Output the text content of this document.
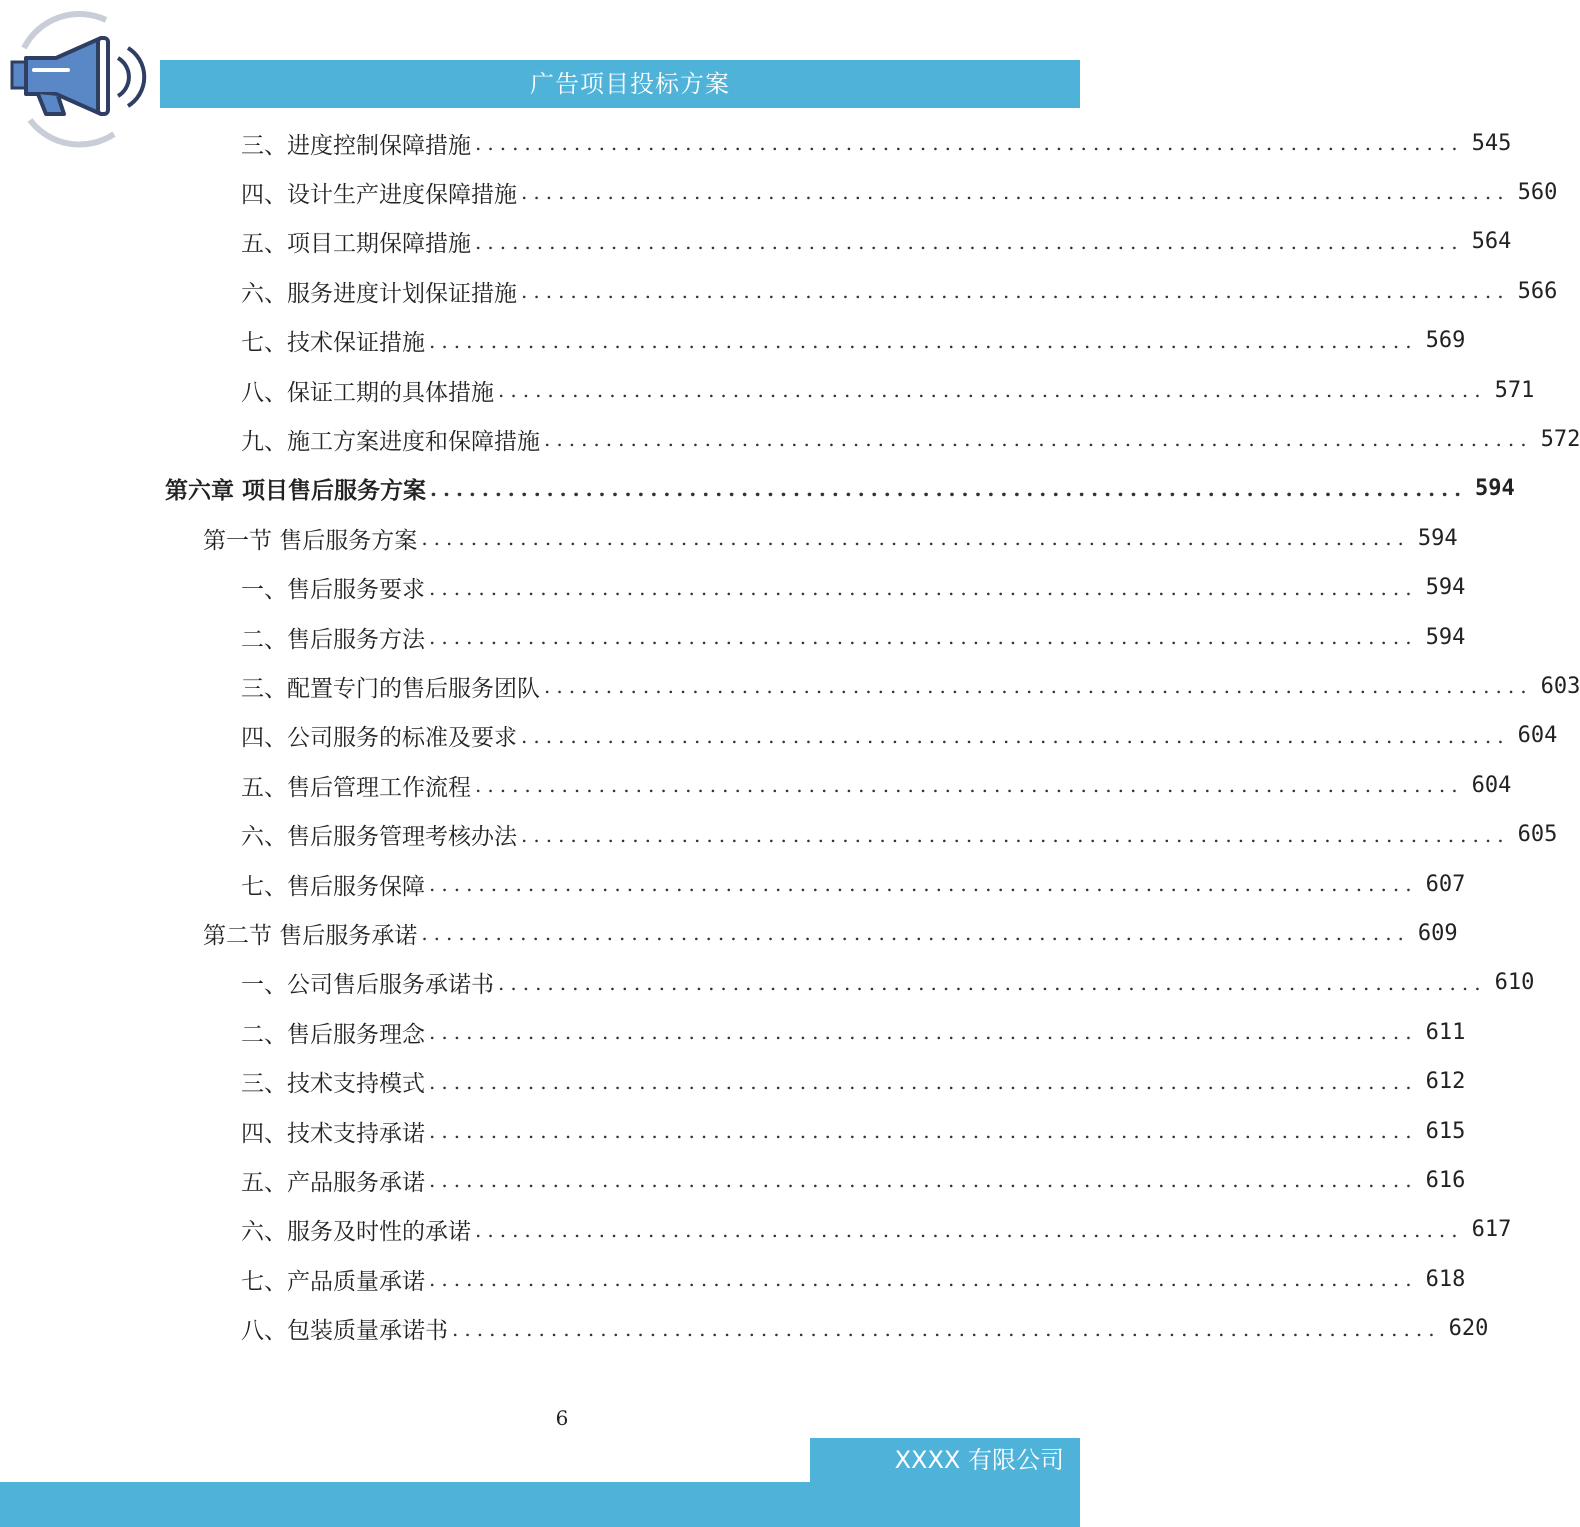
广告项目投标方案
三、进度控制保障措施 ................................................................................ 545
四、设计生产进度保障措施 ................................................................................ 560
五、项目工期保障措施 ................................................................................ 564
六、服务进度计划保证措施 ................................................................................ 566
七、技术保证措施 ................................................................................ 569
八、保证工期的具体措施 ................................................................................ 571
九、施工方案进度和保障措施 ................................................................................ 572
第六章 项目售后服务方案 ................................................................................ 594
第一节 售后服务方案 ................................................................................ 594
一、售后服务要求 ................................................................................ 594
二、售后服务方法 ................................................................................ 594
三、配置专门的售后服务团队 ................................................................................ 603
四、公司服务的标准及要求 ................................................................................ 604
五、售后管理工作流程 ................................................................................ 604
六、售后服务管理考核办法 ................................................................................ 605
七、售后服务保障 ................................................................................ 607
第二节 售后服务承诺 ................................................................................ 609
一、公司售后服务承诺书 ................................................................................ 610
二、售后服务理念 ................................................................................ 611
三、技术支持模式 ................................................................................ 612
四、技术支持承诺 ................................................................................ 615
五、产品服务承诺 ................................................................................ 616
六、服务及时性的承诺 ................................................................................ 617
七、产品质量承诺 ................................................................................ 618
八、包装质量承诺书 ................................................................................ 620
6
XXXX 有限公司
